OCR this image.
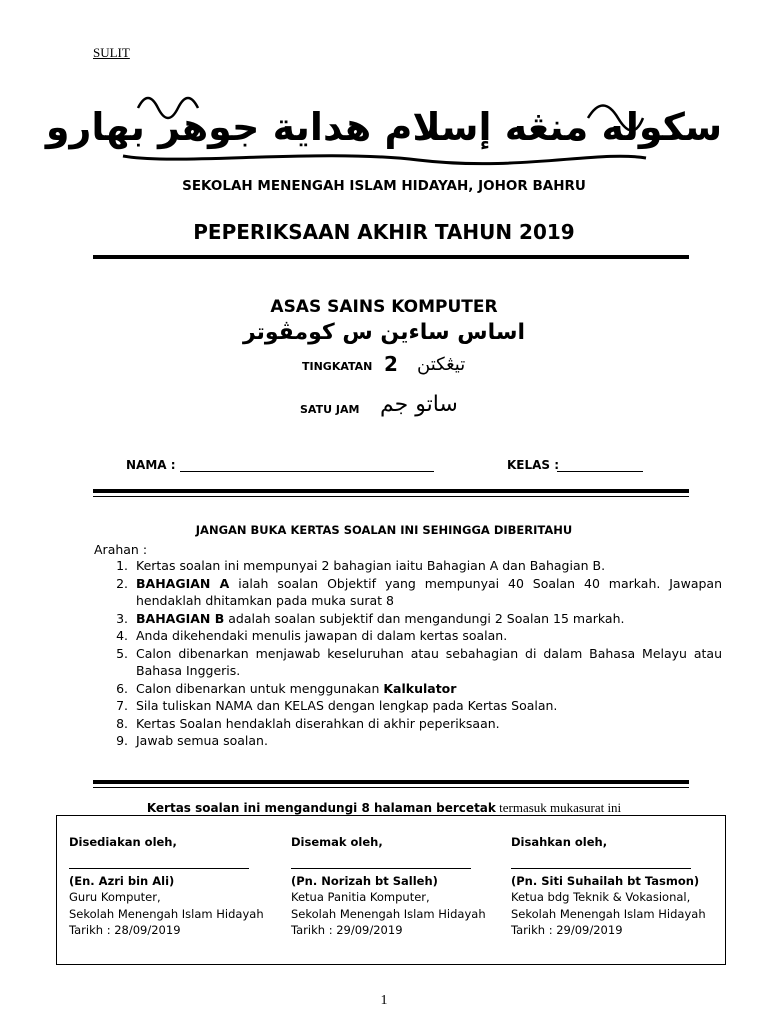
SULIT
سكوله منڠه إسلام هداية جوهر بهارو
SEKOLAH MENENGAH ISLAM HIDAYAH, JOHOR BAHRU
PEPERIKSAAN AKHIR TAHUN 2019
ASAS SAINS KOMPUTER
اساس ساءين س كومڤوتر
TINGKATAN 2 تيڠكتن
SATU JAM ساتو جم
NAMA :	KELAS :
JANGAN BUKA KERTAS SOALAN INI SEHINGGA DIBERITAHU
Arahan :
1. Kertas soalan ini mempunyai 2 bahagian iaitu Bahagian A dan Bahagian B.
2. BAHAGIAN A ialah soalan Objektif yang mempunyai 40 Soalan 40 markah. Jawapan hendaklah dhitamkan pada muka surat 8
3. BAHAGIAN B adalah soalan subjektif dan mengandungi 2 Soalan 15 markah.
4. Anda dikehendaki menulis jawapan di dalam kertas soalan.
5. Calon dibenarkan menjawab keseluruhan atau sebahagian di dalam Bahasa Melayu atau Bahasa Inggeris.
6. Calon dibenarkan untuk menggunakan Kalkulator
7. Sila tuliskan NAMA dan KELAS dengan lengkap pada Kertas Soalan.
8. Kertas Soalan hendaklah diserahkan di akhir peperiksaan.
9. Jawab semua soalan.
Kertas soalan ini mengandungi 8 halaman bercetak termasuk mukasurat ini
Disediakan oleh,
(En. Azri bin Ali)
Guru Komputer,
Sekolah Menengah Islam Hidayah
Tarikh : 28/09/2019
Disemak oleh,
(Pn. Norizah bt Salleh)
Ketua Panitia Komputer,
Sekolah Menengah Islam Hidayah
Tarikh : 29/09/2019
Disahkan oleh,
(Pn. Siti Suhailah bt Tasmon)
Ketua bdg Teknik & Vokasional,
Sekolah Menengah Islam Hidayah
Tarikh : 29/09/2019
1
